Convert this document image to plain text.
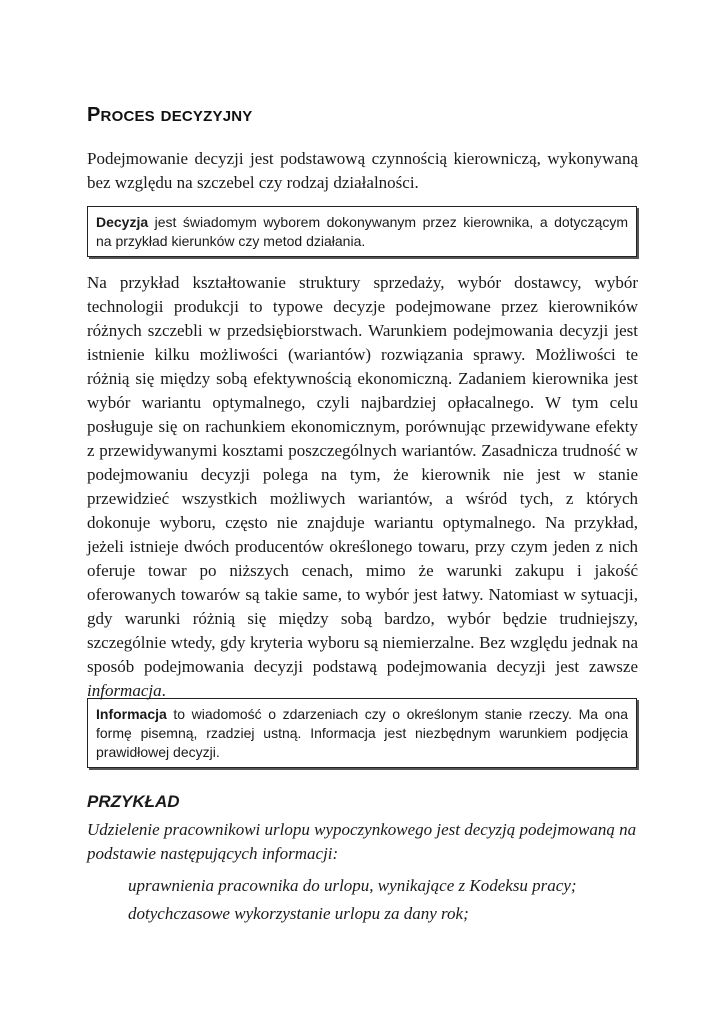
PROCES DECYZYJNY
Podejmowanie decyzji jest podstawową czynnością kierowniczą, wykonywaną
bez względu na szczebel czy rodzaj działalności.
Decyzja jest świadomym wyborem dokonywanym przez kierownika, a dotyczącym
na przykład kierunków czy metod działania.
Na przykład kształtowanie struktury sprzedaży, wybór dostawcy, wybór
technologii produkcji to typowe decyzje podejmowane przez kierowników
różnych szczebli w przedsiębiorstwach. Warunkiem podejmowania decyzji jest
istnienie kilku możliwości (wariantów) rozwiązania sprawy. Możliwości te
różnią się między sobą efektywnością ekonomiczną. Zadaniem kierownika jest
wybór wariantu optymalnego, czyli najbardziej opłacalnego. W tym celu
posługuje się on rachunkiem ekonomicznym, porównując przewidywane efekty
z przewidywanymi kosztami poszczególnych wariantów. Zasadnicza trudność w
podejmowaniu decyzji polega na tym, że kierownik nie jest w stanie
przewidzieć wszystkich możliwych wariantów, a wśród tych, z których
dokonuje wyboru, często nie znajduje wariantu optymalnego. Na przykład,
jeżeli istnieje dwóch producentów określonego towaru, przy czym jeden z nich
oferuje towar po niższych cenach, mimo że warunki zakupu i jakość
oferowanych towarów są takie same, to wybór jest łatwy. Natomiast w sytuacji,
gdy warunki różnią się między sobą bardzo, wybór będzie trudniejszy,
szczególnie wtedy, gdy kryteria wyboru są niemierzalne. Bez względu jednak na
sposób podejmowania decyzji podstawą podejmowania decyzji jest zawsze
informacja.
Informacja to wiadomość o zdarzeniach czy o określonym stanie rzeczy. Ma ona
formę pisemną, rzadziej ustną. Informacja jest niezbędnym warunkiem podjęcia
prawidłowej decyzji.
PRZYKŁAD
Udzielenie pracownikowi urlopu wypoczynkowego jest decyzją podejmowaną na
podstawie następujących informacji:
uprawnienia pracownika do urlopu, wynikające z Kodeksu pracy;
dotychczasowe wykorzystanie urlopu za dany rok;
